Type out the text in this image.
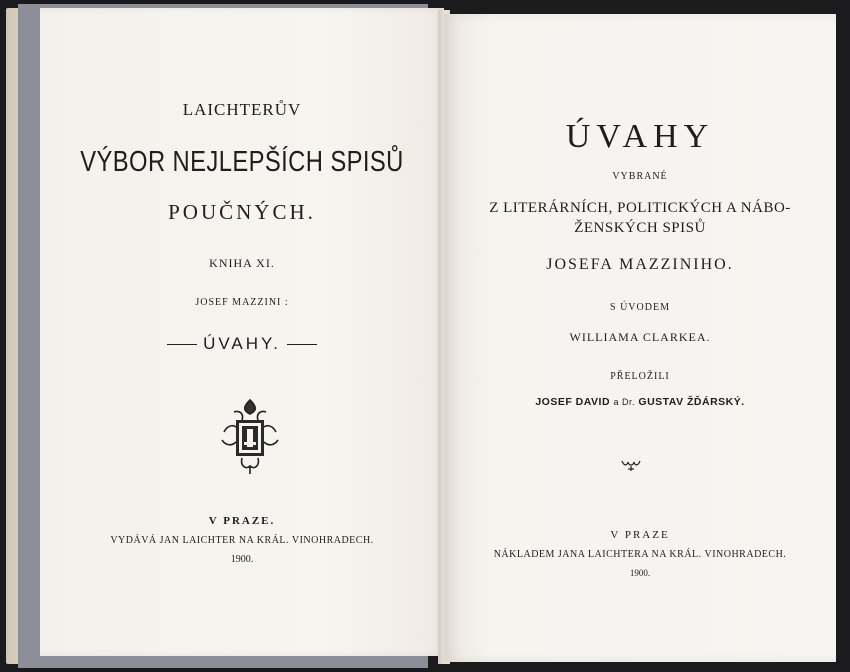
LAICHTERŮV
VÝBOR NEJLEPŠÍCH SPISŮ
POUČNÝCH.
KNIHA XI.
JOSEF MAZZINI :
ÚVAHY.
V PRAZE.
VYDÁVÁ JAN LAICHTER NA KRÁL. VINOHRADECH.
1900.
ÚVAHY
VYBRANÉ
Z LITERÁRNÍCH, POLITICKÝCH A NÁBO-
ŽENSKÝCH SPISŮ
JOSEFA MAZZINIHO.
S ÚVODEM
WILLIAMA CLARKEA.
PŘELOŽILI
JOSEF DAVID a Dr. GUSTAV ŽĎÁRSKÝ.
V PRAZE
NÁKLADEM JANA LAICHTERA NA KRÁL. VINOHRADECH.
1900.
